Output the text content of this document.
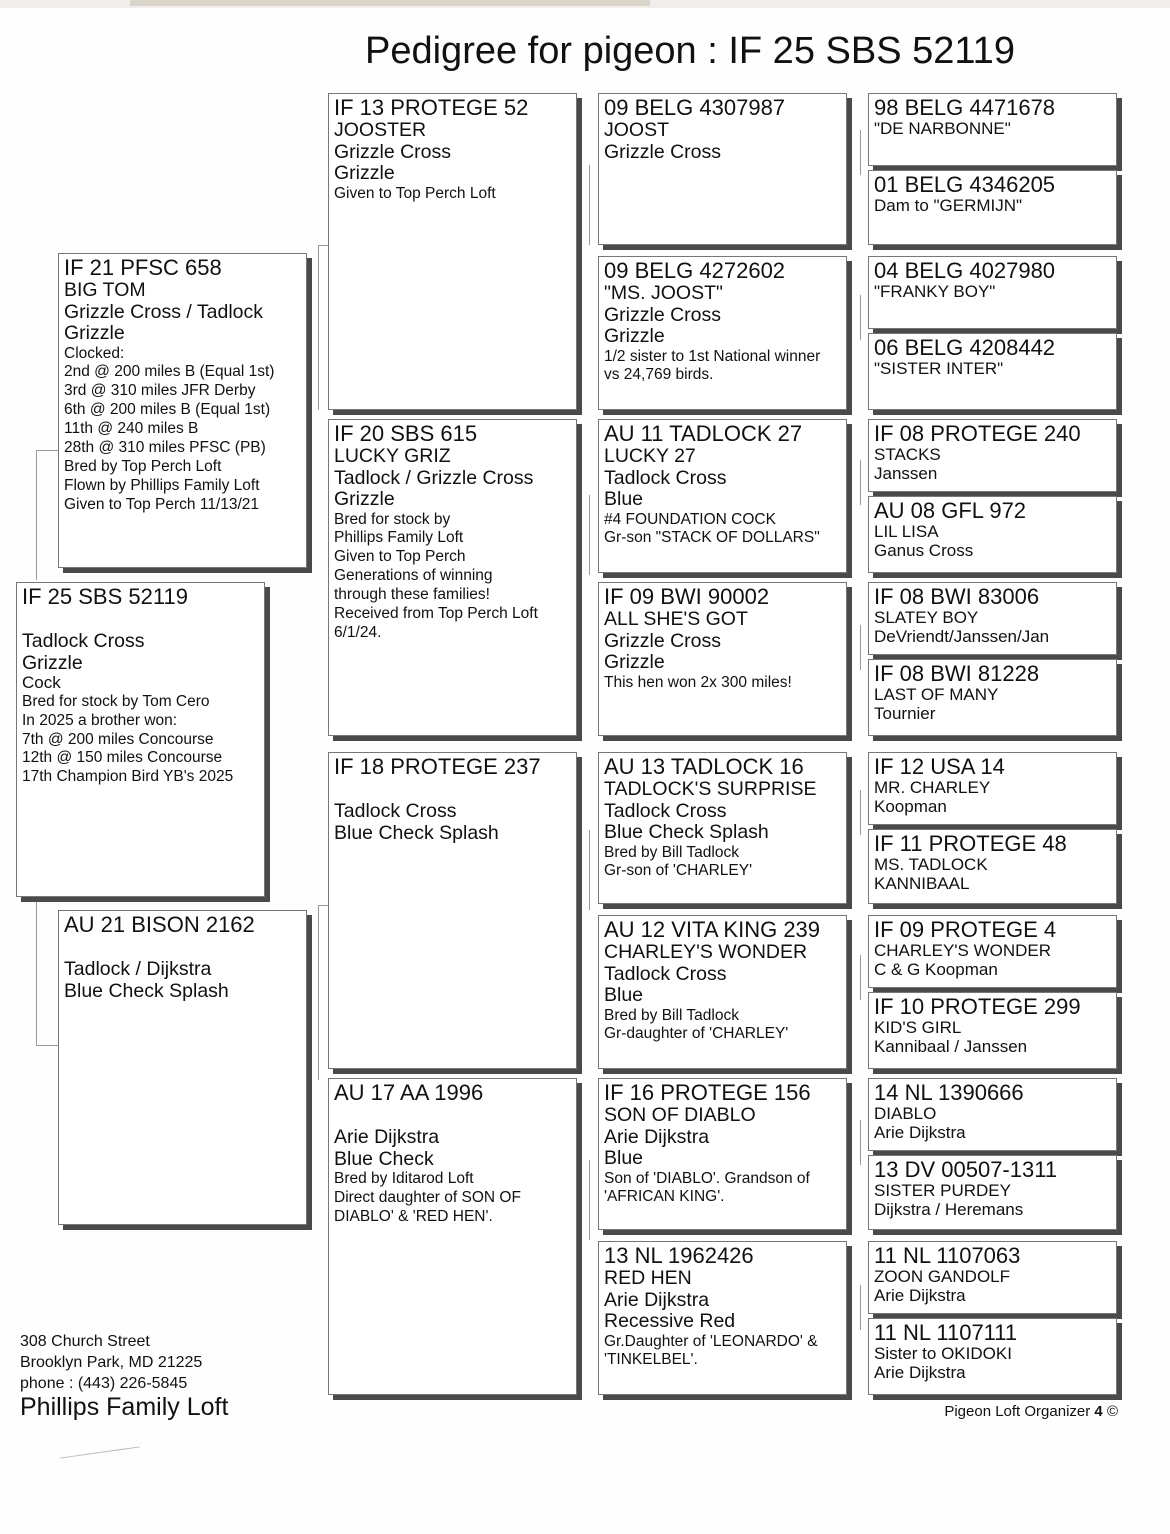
Pedigree for pigeon : IF 25 SBS 52119
IF 25 SBS 52119
Tadlock Cross
Grizzle
Cock
Bred for stock by Tom Cero
In 2025 a brother won:
7th @ 200 miles Concourse
12th @ 150 miles Concourse
17th Champion Bird YB's 2025
IF 21 PFSC 658
BIG TOM
Grizzle Cross / Tadlock
Grizzle
Clocked:
2nd @ 200 miles B (Equal 1st)
3rd @ 310 miles JFR Derby
6th @ 200 miles B (Equal 1st)
11th @ 240 miles B
28th @ 310 miles PFSC (PB)
Bred by Top Perch Loft
Flown by Phillips Family Loft
Given to Top Perch 11/13/21
AU 21 BISON 2162
Tadlock / Dijkstra
Blue Check Splash
IF 13 PROTEGE 52
JOOSTER
Grizzle Cross
Grizzle
Given to Top Perch Loft
IF 20 SBS 615
LUCKY GRIZ
Tadlock / Grizzle Cross
Grizzle
Bred for stock by
Phillips Family Loft
Given to Top Perch
Generations of winning
through these families!
Received from Top Perch Loft
6/1/24.
IF 18 PROTEGE 237
Tadlock Cross
Blue Check Splash
AU 17 AA 1996
Arie Dijkstra
Blue Check
Bred by Iditarod Loft
Direct daughter of SON OF
DIABLO' & 'RED HEN'.
09 BELG 4307987
JOOST
Grizzle Cross
09 BELG 4272602
"MS. JOOST"
Grizzle Cross
Grizzle
1/2 sister to 1st National winner
vs 24,769 birds.
AU 11 TADLOCK 27
LUCKY 27
Tadlock Cross
Blue
#4 FOUNDATION COCK
Gr-son "STACK OF DOLLARS"
IF 09 BWI 90002
ALL SHE'S GOT
Grizzle Cross
Grizzle
This hen won 2x 300 miles!
AU 13 TADLOCK 16
TADLOCK'S SURPRISE
Tadlock Cross
Blue Check Splash
Bred by Bill Tadlock
Gr-son of 'CHARLEY'
AU 12 VITA KING 239
CHARLEY'S WONDER
Tadlock Cross
Blue
Bred by Bill Tadlock
Gr-daughter of 'CHARLEY'
IF 16 PROTEGE 156
SON OF DIABLO
Arie Dijkstra
Blue
Son of 'DIABLO'. Grandson of
'AFRICAN KING'.
13 NL 1962426
RED HEN
Arie Dijkstra
Recessive Red
Gr.Daughter of 'LEONARDO' &
'TINKELBEL'.
98 BELG 4471678
"DE NARBONNE"
01 BELG 4346205
Dam to "GERMIJN"
04 BELG 4027980
"FRANKY BOY"
06 BELG 4208442
"SISTER INTER"
IF 08 PROTEGE 240
STACKS
Janssen
AU 08 GFL 972
LIL LISA
Ganus Cross
IF 08 BWI 83006
SLATEY BOY
DeVriendt/Janssen/Jan
IF 08 BWI 81228
LAST OF MANY
Tournier
IF 12 USA 14
MR. CHARLEY
Koopman
IF 11 PROTEGE 48
MS. TADLOCK
KANNIBAAL
IF 09 PROTEGE 4
CHARLEY'S WONDER
C & G Koopman
IF 10 PROTEGE 299
KID'S GIRL
Kannibaal / Janssen
14 NL 1390666
DIABLO
Arie Dijkstra
13 DV 00507-1311
SISTER PURDEY
Dijkstra / Heremans
11 NL 1107063
ZOON GANDOLF
Arie Dijkstra
11 NL 1107111
Sister to OKIDOKI
Arie Dijkstra
308 Church Street
Brooklyn Park, MD 21225
phone : (443) 226-5845
Phillips Family Loft	Pigeon Loft Organizer 4 ©
